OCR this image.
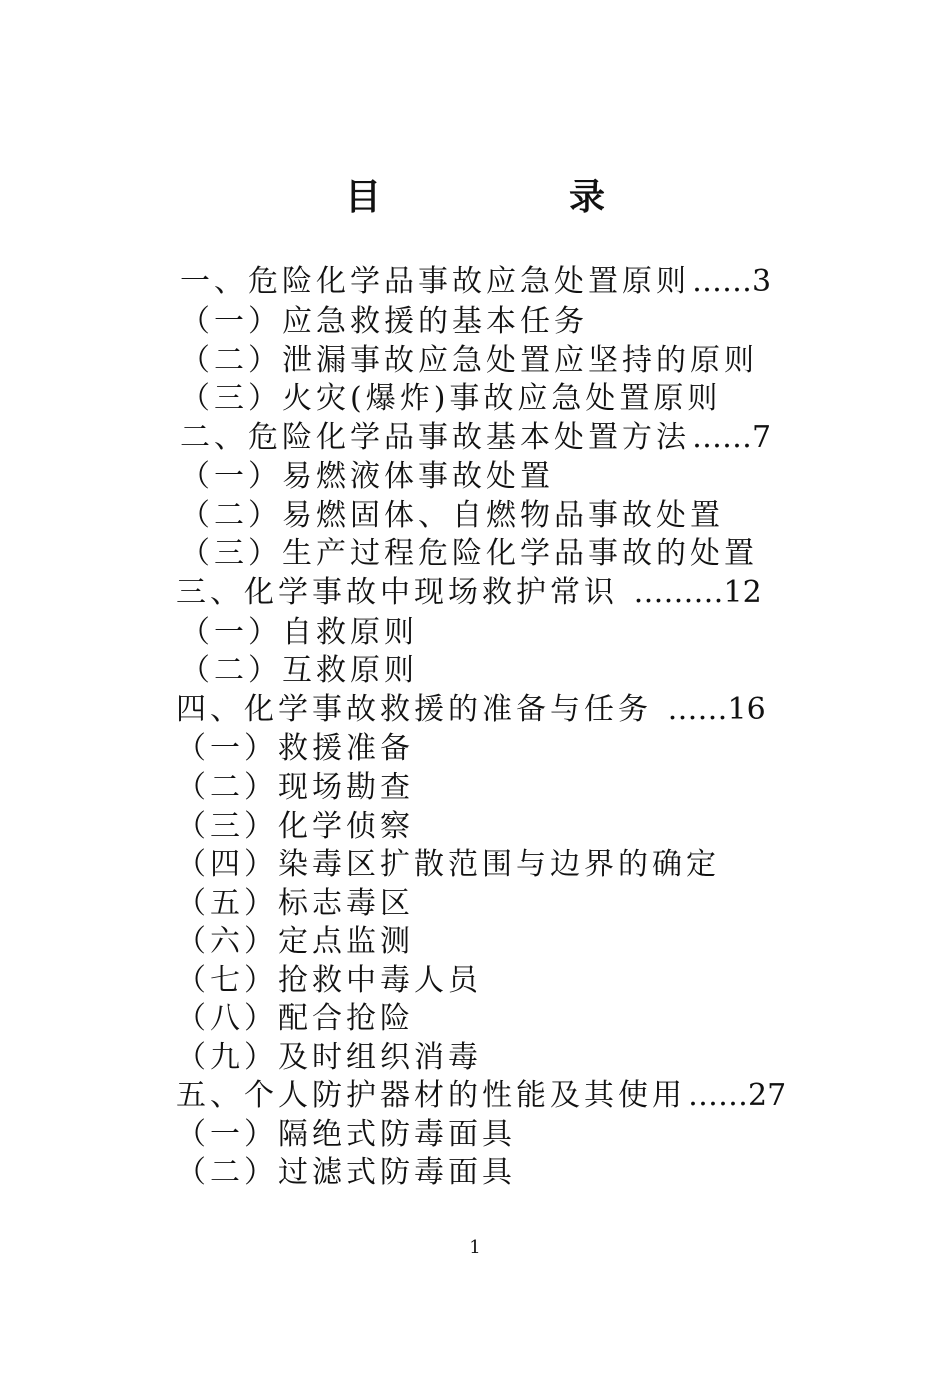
目　录
一、危险化学品事故应急处置原则……3
（一）应急救援的基本任务
（二）泄漏事故应急处置应坚持的原则
（三）火灾(爆炸)事故应急处置原则
二、危险化学品事故基本处置方法……7
（一）易燃液体事故处置
（二）易燃固体、自燃物品事故处置
（三）生产过程危险化学品事故的处置
三、化学事故中现场救护常识 ………12
（一）自救原则
（二）互救原则
四、化学事故救援的准备与任务 ……16
（一）救援准备
（二）现场勘查
（三）化学侦察
（四）染毒区扩散范围与边界的确定
（五）标志毒区
（六）定点监测
（七）抢救中毒人员
（八）配合抢险
（九）及时组织消毒
五、个人防护器材的性能及其使用……27
（一）隔绝式防毒面具
（二）过滤式防毒面具
1
